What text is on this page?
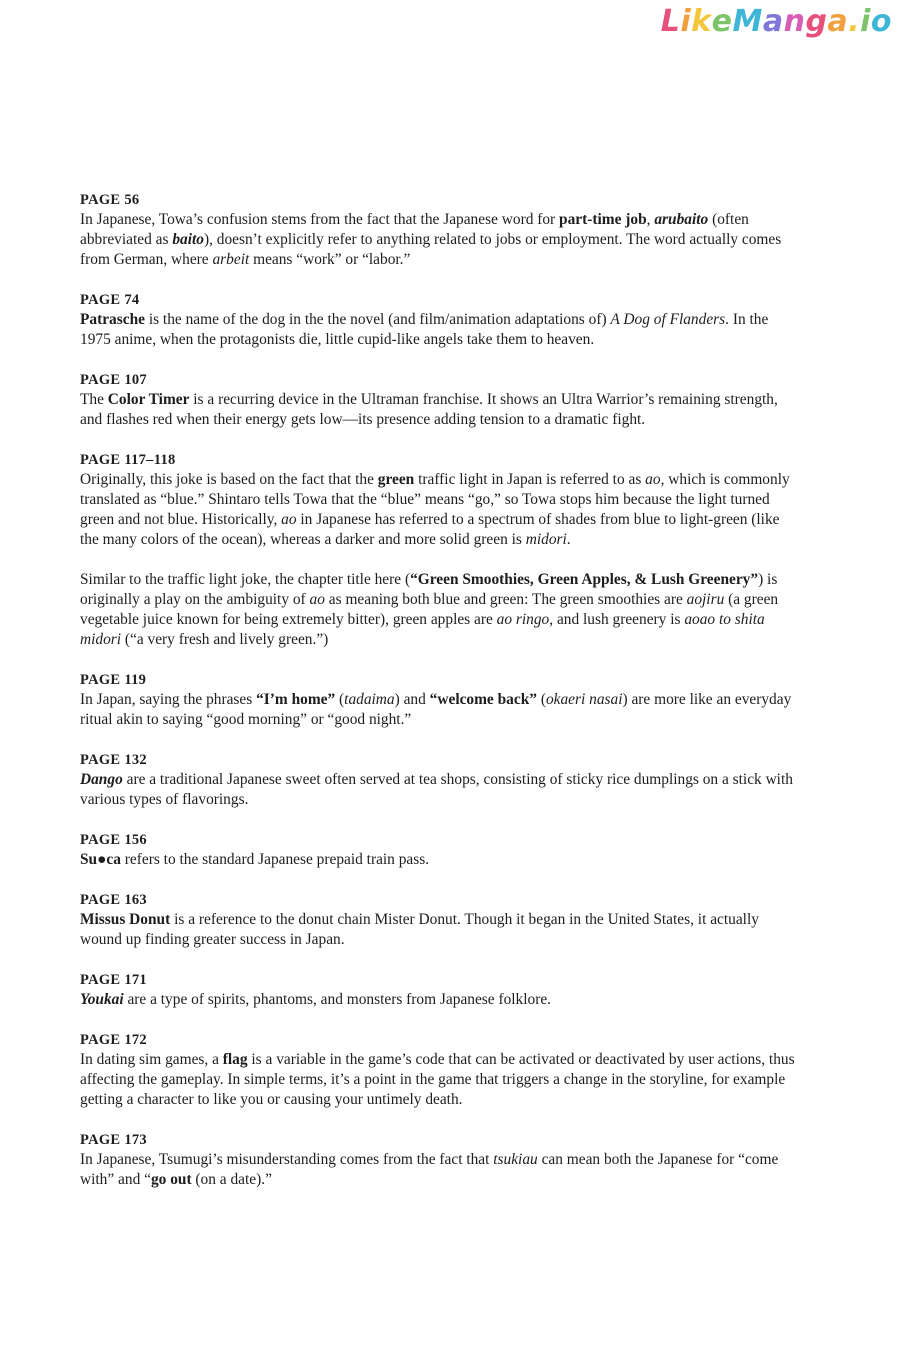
LikeManga.io
PAGE 56

In Japanese, Towa’s confusion stems from the fact that the Japanese word for part-time job, arubaito (often abbreviated as baito), doesn’t explicitly refer to anything related to jobs or employment. The word actually comes from German, where arbeit means “work” or “labor.”

PAGE 74

Patrasche is the name of the dog in the the novel (and film/animation adaptations of) A Dog of Flanders. In the 1975 anime, when the protagonists die, little cupid-like angels take them to heaven.

PAGE 107

The Color Timer is a recurring device in the Ultraman franchise. It shows an Ultra Warrior’s remaining strength, and flashes red when their energy gets low—its presence adding tension to a dramatic fight.

PAGE 117–118

Originally, this joke is based on the fact that the green traffic light in Japan is referred to as ao, which is commonly translated as “blue.” Shintaro tells Towa that the “blue” means “go,” so Towa stops him because the light turned green and not blue. Historically, ao in Japanese has referred to a spectrum of shades from blue to light-green (like the many colors of the ocean), whereas a darker and more solid green is midori.

Similar to the traffic light joke, the chapter title here (“Green Smoothies, Green Apples, & Lush Greenery”) is originally a play on the ambiguity of ao as meaning both blue and green: The green smoothies are aojiru (a green vegetable juice known for being extremely bitter), green apples are ao ringo, and lush greenery is aoao to shita midori (“a very fresh and lively green.”)

PAGE 119

In Japan, saying the phrases “I’m home” (tadaima) and “welcome back” (okaeri nasai) are more like an everyday ritual akin to saying “good morning” or “good night.”

PAGE 132

Dango are a traditional Japanese sweet often served at tea shops, consisting of sticky rice dumplings on a stick with various types of flavorings.

PAGE 156

Su●ca refers to the standard Japanese prepaid train pass.

PAGE 163

Missus Donut is a reference to the donut chain Mister Donut. Though it began in the United States, it actually wound up finding greater success in Japan.

PAGE 171

Youkai are a type of spirits, phantoms, and monsters from Japanese folklore.

PAGE 172

In dating sim games, a flag is a variable in the game’s code that can be activated or deactivated by user actions, thus affecting the gameplay. In simple terms, it’s a point in the game that triggers a change in the storyline, for example getting a character to like you or causing your untimely death.

PAGE 173

In Japanese, Tsumugi’s misunderstanding comes from the fact that tsukiau can mean both the Japanese for “come with” and “go out (on a date).”
